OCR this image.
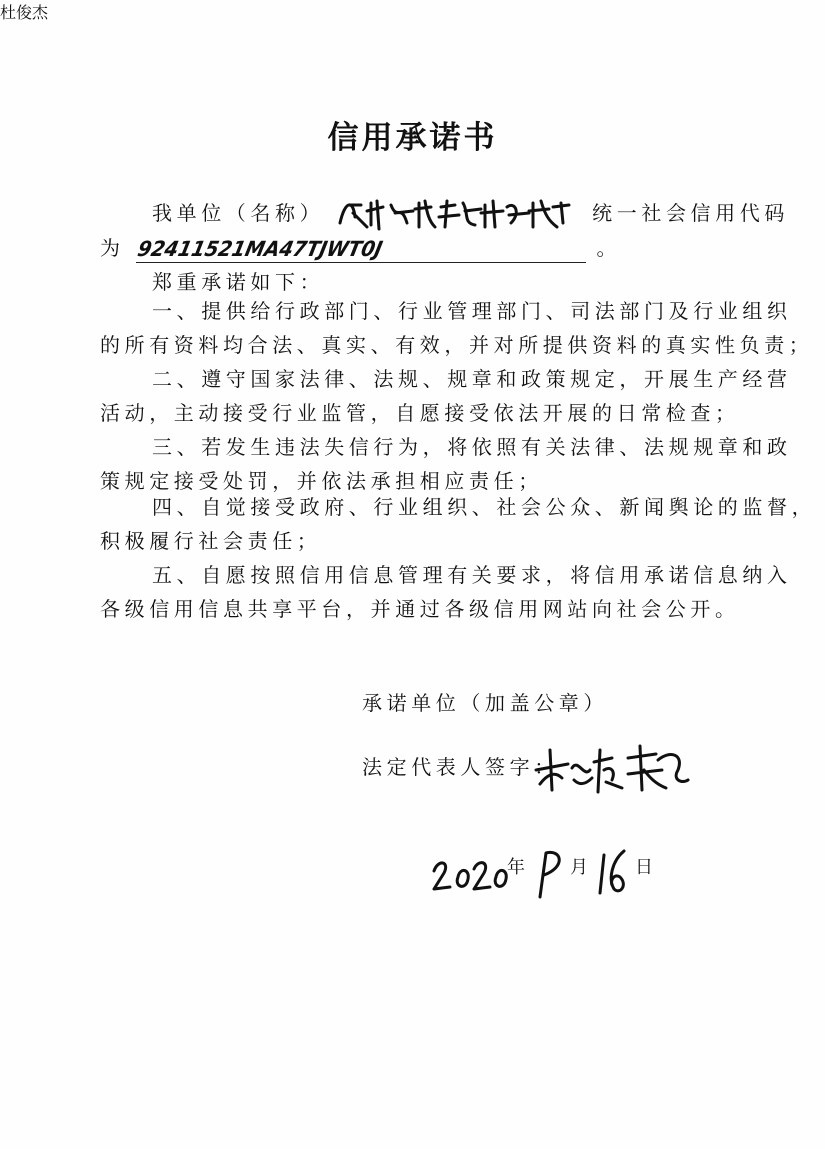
信用承诺书
我单位（名称）	统一社会信用代码
为 92411521MA47TJWT0J	。
郑重承诺如下：
一、提供给行政部门、行业管理部门、司法部门及行业组织
的所有资料均合法、真实、有效，并对所提供资料的真实性负责；
二、遵守国家法律、法规、规章和政策规定，开展生产经营
活动，主动接受行业监管，自愿接受依法开展的日常检查；
三、若发生违法失信行为，将依照有关法律、法规规章和政
策规定接受处罚，并依法承担相应责任；
四、自觉接受政府、行业组织、社会公众、新闻舆论的监督，
积极履行社会责任；
五、自愿按照信用信息管理有关要求，将信用承诺信息纳入
各级信用信息共享平台，并通过各级信用网站向社会公开。
承诺单位（加盖公章）
法定代表人签字：
杜俊杰
年 月 日
